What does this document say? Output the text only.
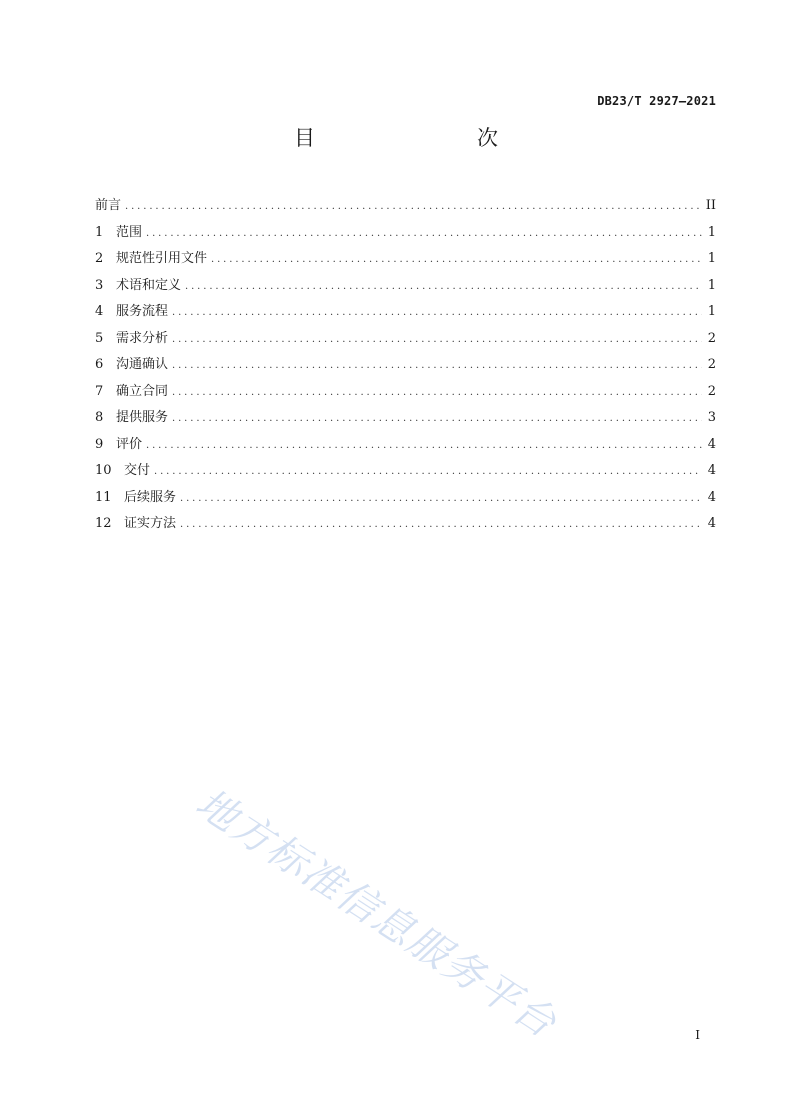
DB23/T 2927—2021
目　　次
前言 .....	II
1 范围 .....	1
2 规范性引用文件 .....	1
3 术语和定义 .....	1
4 服务流程 .....	1
5 需求分析 .....	2
6 沟通确认 .....	2
7 确立合同 .....	2
8 提供服务 .....	3
9 评价 .....	4
10 交付 .....	4
11 后续服务 .....	4
12 证实方法 .....	4
地方标准信息服务平台	I
